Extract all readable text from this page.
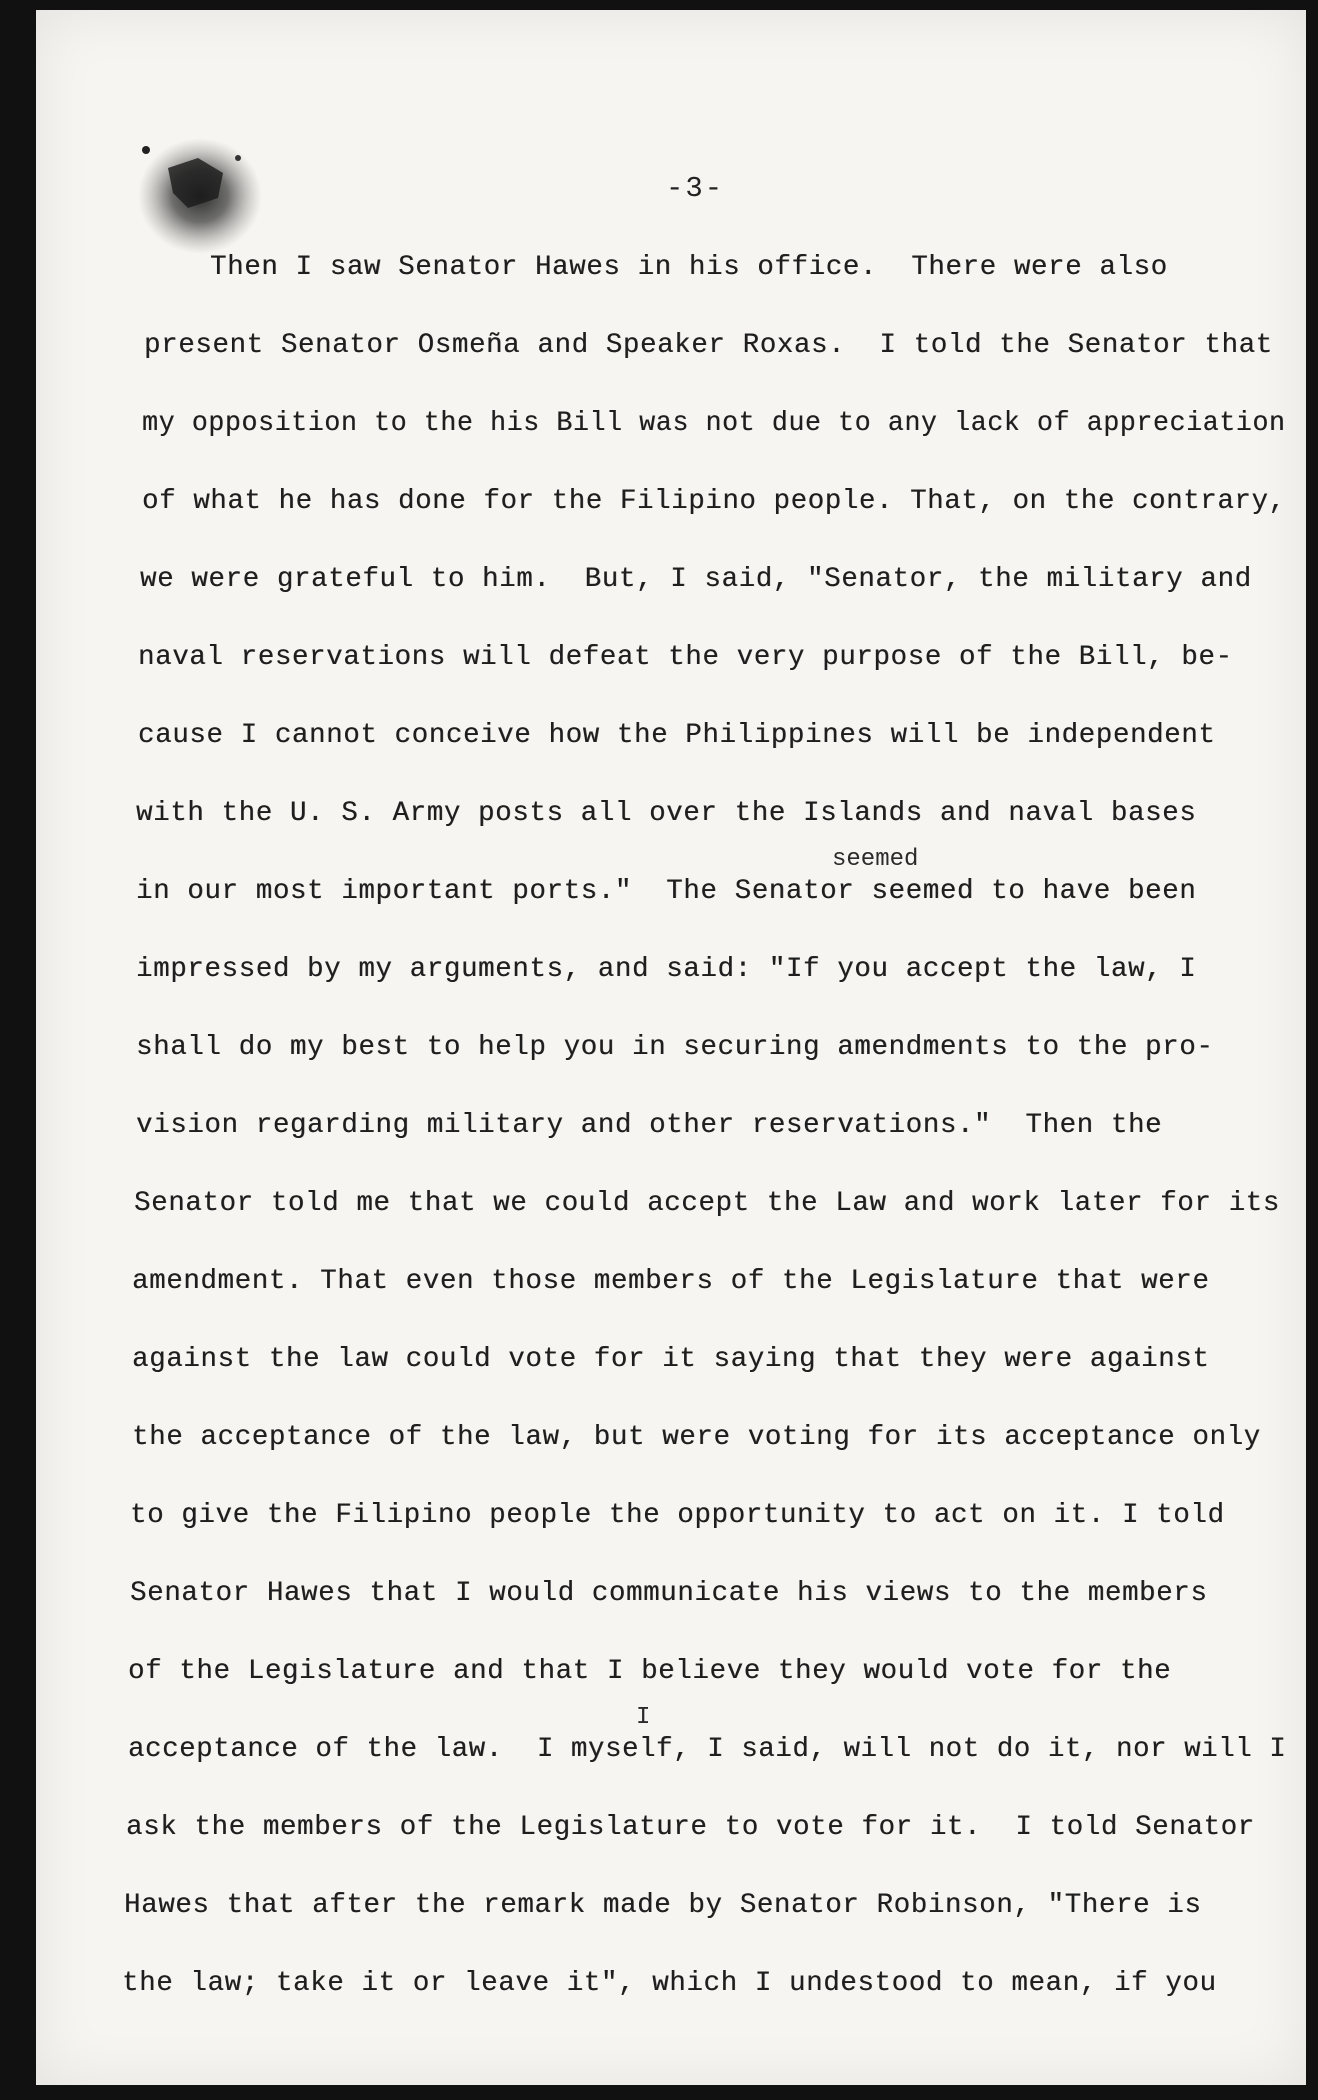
-3-
Then I saw Senator Hawes in his office.  There were also
present Senator Osmeña and Speaker Roxas.  I told the Senator that
my opposition to the his Bill was not due to any lack of appreciation
of what he has done for the Filipino people. That, on the contrary,
we were grateful to him.  But, I said, "Senator, the military and
naval reservations will defeat the very purpose of the Bill, be-
cause I cannot conceive how the Philippines will be independent
with the U. S. Army posts all over the Islands and naval bases
seemed
in our most important ports."  The Senator seemed to have been
impressed by my arguments, and said: "If you accept the law, I
shall do my best to help you in securing amendments to the pro-
vision regarding military and other reservations."  Then the
Senator told me that we could accept the Law and work later for its
amendment. That even those members of the Legislature that were
against the law could vote for it saying that they were against
the acceptance of the law, but were voting for its acceptance only
to give the Filipino people the opportunity to act on it. I told
Senator Hawes that I would communicate his views to the members
of the Legislature and that I believe they would vote for the
I
acceptance of the law.  I myself, I said, will not do it, nor will I
ask the members of the Legislature to vote for it.  I told Senator
Hawes that after the remark made by Senator Robinson, "There is
the law; take it or leave it", which I undestood to mean, if you
